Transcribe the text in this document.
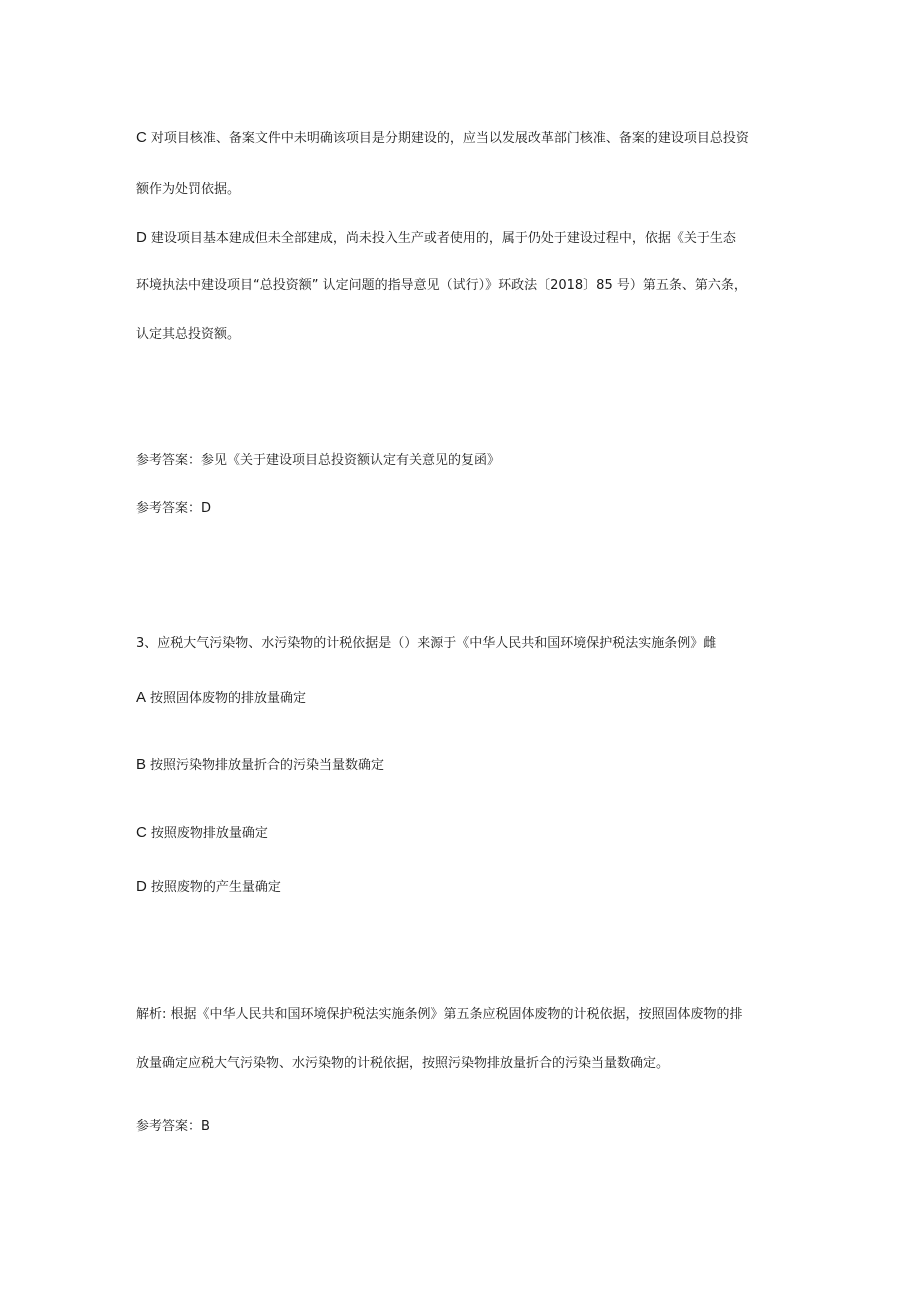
C 对项目核准、备案文件中未明确该项目是分期建设的，应当以发展改革部门核准、备案的建设项目总投资
额作为处罚依据。
D 建设项目基本建成但未全部建成，尚未投入生产或者使用的，属于仍处于建设过程中，依据《关于生态
环境执法中建设项目“总投资额” 认定问题的指导意见（试行）》环政法〔2018〕85 号）第五条、第六条，
认定其总投资额。
参考答案：参见《关于建设项目总投资额认定有关意见的复函》
参考答案：D
3、应税大气污染物、水污染物的计税依据是（）来源于《中华人民共和国环境保护税法实施条例》雌
A 按照固体废物的排放量确定
B 按照污染物排放量折合的污染当量数确定
C 按照废物排放量确定
D 按照废物的产生量确定
解析: 根据《中华人民共和国环境保护税法实施条例》第五条应税固体废物的计税依据，按照固体废物的排
放量确定应税大气污染物、水污染物的计税依据，按照污染物排放量折合的污染当量数确定。
参考答案：B
